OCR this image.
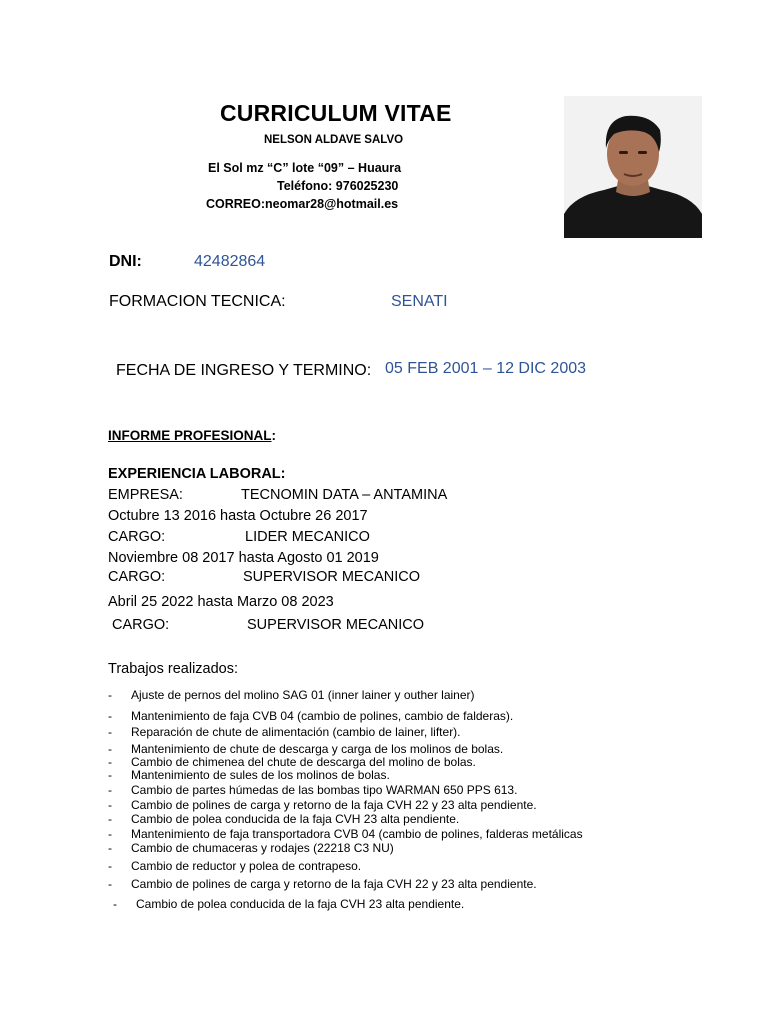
CURRICULUM VITAE
NELSON ALDAVE SALVO
El Sol mz “C” lote “09” – Huaura
Teléfono: 976025230
CORREO:neomar28@hotmail.es
DNI:	42482864
FORMACION TECNICA:	SENATI
FECHA DE INGRESO Y TERMINO: 05 FEB 2001 – 12 DIC 2003
INFORME PROFESIONAL:
EXPERIENCIA LABORAL:
EMPRESA:	TECNOMIN DATA – ANTAMINA
Octubre 13 2016 hasta Octubre 26 2017
CARGO:	LIDER MECANICO
Noviembre 08 2017 hasta Agosto 01 2019
CARGO:	SUPERVISOR MECANICO
Abril 25 2022 hasta Marzo 08 2023
CARGO:	SUPERVISOR MECANICO
Trabajos realizados:
-	Ajuste de pernos del molino SAG 01 (inner lainer y outher lainer)
-	Mantenimiento de faja CVB 04 (cambio de polines, cambio de falderas).
-	Reparación de chute de alimentación (cambio de lainer, lifter).
-	Mantenimiento de chute de descarga y carga de los molinos de bolas.
-	Cambio de chimenea del chute de descarga del molino de bolas.
-	Mantenimiento de sules de los molinos de bolas.
-	Cambio de partes húmedas de las bombas tipo WARMAN 650 PPS 613.
-	Cambio de polines de carga y retorno de la faja CVH 22 y 23 alta pendiente.
-	Cambio de polea conducida de la faja CVH 23 alta pendiente.
-	Mantenimiento de faja transportadora CVB 04 (cambio de polines, falderas metálicas
-	Cambio de chumaceras y rodajes (22218 C3 NU)
-	Cambio de reductor y polea de contrapeso.
-	Cambio de polines de carga y retorno de la faja CVH 22 y 23 alta pendiente.
-	Cambio de polea conducida de la faja CVH 23 alta pendiente.
